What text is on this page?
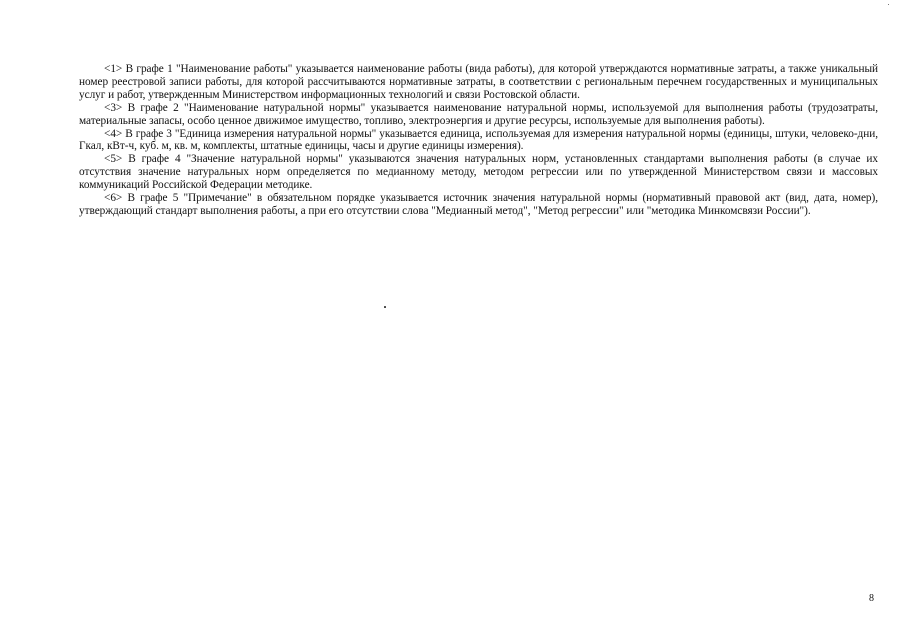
<1> В графе 1 "Наименование работы" указывается наименование работы (вида работы), для которой утверждаются нормативные затраты, а также уникальный номер реестровой записи работы, для которой рассчитываются нормативные затраты, в соответствии с региональным перечнем государственных и муниципальных услуг и работ, утвержденным Министерством информационных технологий и связи Ростовской области.

<3> В графе 2 "Наименование натуральной нормы" указывается наименование натуральной нормы, используемой для выполнения работы (трудозатраты, материальные запасы, особо ценное движимое имущество, топливо, электроэнергия и другие ресурсы, используемые для выполнения работы).

<4> В графе 3 "Единица измерения натуральной нормы" указывается единица, используемая для измерения натуральной нормы (единицы, штуки, человеко-дни, Гкал, кВт-ч, куб. м, кв. м, комплекты, штатные единицы, часы и другие единицы измерения).

<5> В графе 4 "Значение натуральной нормы" указываются значения натуральных норм, установленных стандартами выполнения работы (в случае их отсутствия значение натуральных норм определяется по медианному методу, методом регрессии или по утвержденной Министерством связи и массовых коммуникаций Российской Федерации методике.

<6> В графе 5 "Примечание" в обязательном порядке указывается источник значения натуральной нормы (нормативный правовой акт (вид, дата, номер), утверждающий стандарт выполнения работы, а при его отсутствии слова "Медианный метод", "Метод регрессии" или "методика Минкомсвязи России").

8
